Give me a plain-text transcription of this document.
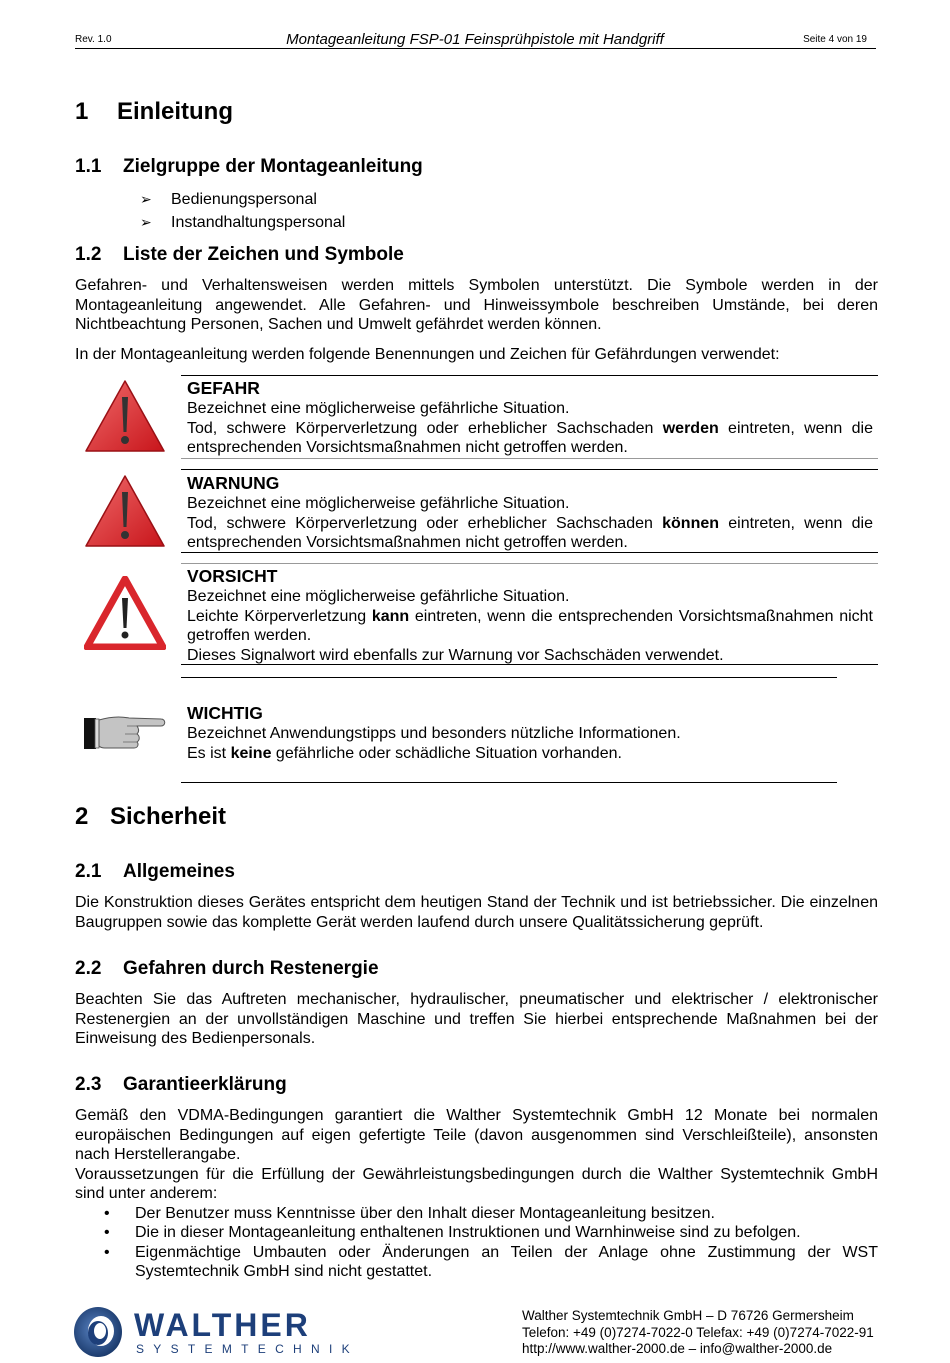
Rev. 1.0	Montageanleitung FSP-01 Feinsprühpistole mit Handgriff	Seite 4 von 19
1 Einleitung
1.1 Zielgruppe der Montageanleitung
➢	Bedienungspersonal
➢	Instandhaltungspersonal
1.2 Liste der Zeichen und Symbole

Gefahren- und Verhaltensweisen werden mittels Symbolen unterstützt. Die Symbole werden in der Montageanleitung angewendet. Alle Gefahren- und Hinweissymbole beschreiben Umstände, bei deren Nichtbeachtung Personen, Sachen und Umwelt gefährdet werden können.

In der Montageanleitung werden folgende Benennungen und Zeichen für Gefährdungen verwendet:

GEFAHR

Bezeichnet eine möglicherweise gefährliche Situation.

Tod, schwere Körperverletzung oder erheblicher Sachschaden werden eintreten, wenn die entsprechenden Vorsichtsmaßnahmen nicht getroffen werden.

WARNUNG

Bezeichnet eine möglicherweise gefährliche Situation.

Tod, schwere Körperverletzung oder erheblicher Sachschaden können eintreten, wenn die entsprechenden Vorsichtsmaßnahmen nicht getroffen werden.

VORSICHT

Bezeichnet eine möglicherweise gefährliche Situation.

Leichte Körperverletzung kann eintreten, wenn die entsprechenden Vorsichtsmaßnahmen nicht getroffen werden.

Dieses Signalwort wird ebenfalls zur Warnung vor Sachschäden verwendet.

WICHTIG

Bezeichnet Anwendungstipps und besonders nützliche Informationen.

Es ist keine gefährliche oder schädliche Situation vorhanden.

2 Sicherheit
2.1 Allgemeines

Die Konstruktion dieses Gerätes entspricht dem heutigen Stand der Technik und ist betriebssicher. Die einzelnen Baugruppen sowie das komplette Gerät werden laufend durch unsere Qualitätssicherung geprüft.

2.2 Gefahren durch Restenergie

Beachten Sie das Auftreten mechanischer, hydraulischer, pneumatischer und elektrischer / elektronischer Restenergien an der unvollständigen Maschine und treffen Sie hierbei entsprechende Maßnahmen bei der Einweisung des Bedienpersonals.

2.3 Garantieerklärung

Gemäß den VDMA-Bedingungen garantiert die Walther Systemtechnik GmbH 12 Monate bei normalen europäischen Bedingungen auf eigen gefertigte Teile (davon ausgenommen sind Verschleißteile), ansonsten nach Herstellerangabe.

Voraussetzungen für die Erfüllung der Gewährleistungsbedingungen durch die Walther Systemtechnik GmbH sind unter anderem:

• Der Benutzer muss Kenntnisse über den Inhalt dieser Montageanleitung besitzen.
• Die in dieser Montageanleitung enthaltenen Instruktionen und Warnhinweise sind zu befolgen.
• Eigenmächtige Umbauten oder Änderungen an Teilen der Anlage ohne Zustimmung der WST Systemtechnik GmbH sind nicht gestattet.
WALTHER
SYSTEMTECHNIK
Walther Systemtechnik GmbH – D 76726 Germersheim
Telefon: +49 (0)7274-7022-0 Telefax: +49 (0)7274-7022-91
http://www.walther-2000.de – info@walther-2000.de
